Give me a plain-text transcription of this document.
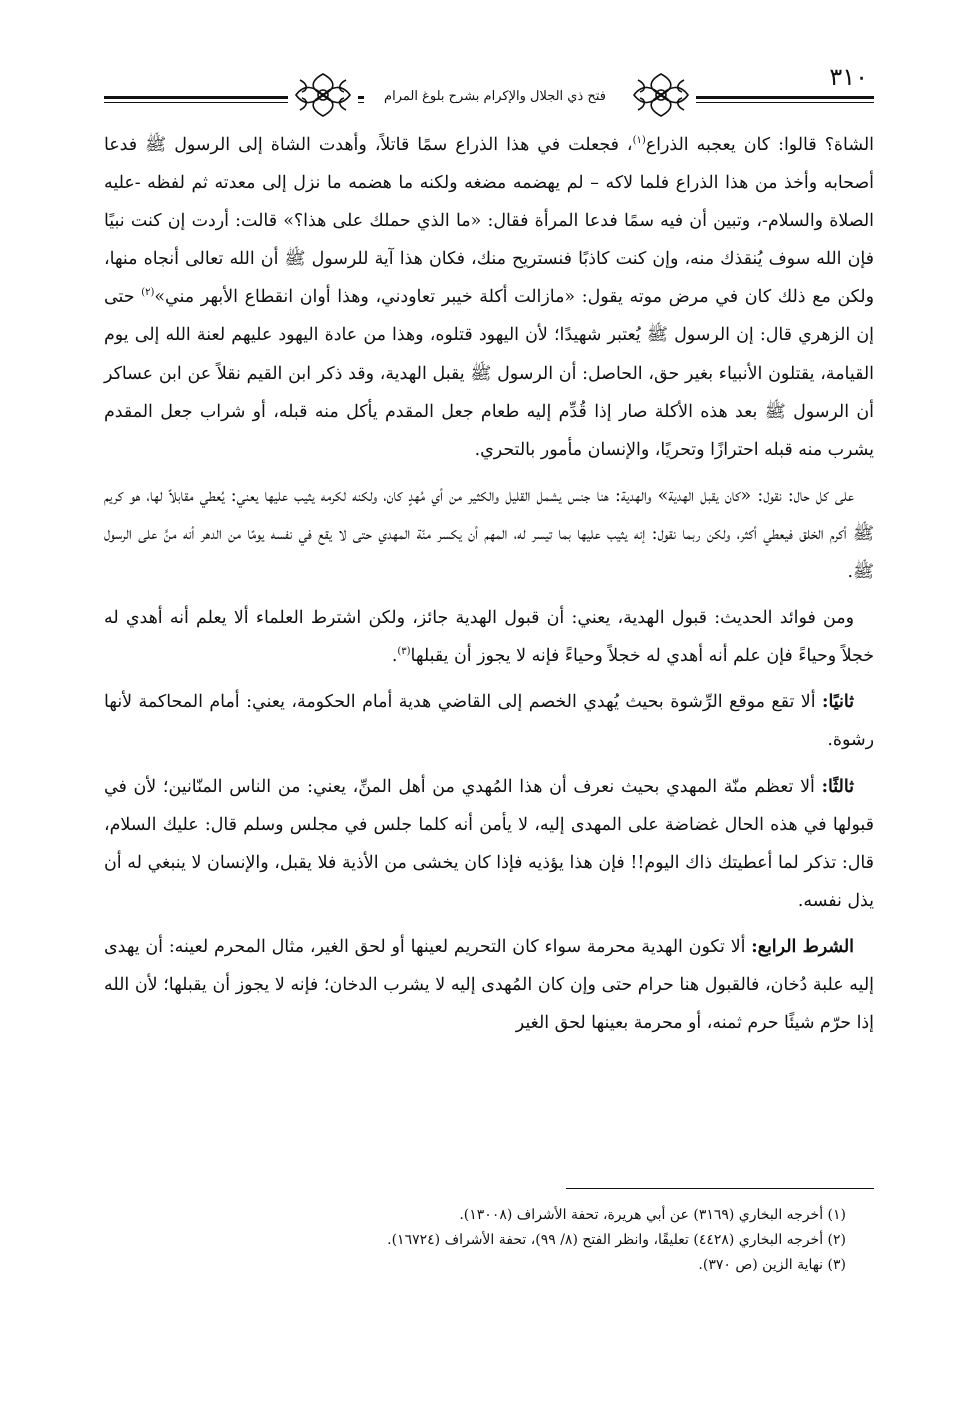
فتح ذي الجلال والإكرام بشرح بلوغ المرام
٣١٠

الشاة؟ قالوا: كان يعجبه الذراع$^{(١)}$، فجعلت في هذا الذراع سمًا قاتلاً، وأهدت الشاة إلى الرسول ﷺ فدعا أصحابه وأخذ من هذا الذراع فلما لاكه – لم يهضمه مضغه ولكنه ما هضمه ما نزل إلى معدته ثم لفظه -عليه الصلاة والسلام-، وتبين أن فيه سمًا فدعا المرأة فقال: «ما الذي حملك على هذا؟» قالت: أردت إن كنت نبيًا فإن الله سوف يُنقذك منه، وإن كنت كاذبًا فنستريح منك، فكان هذا آية للرسول ﷺ أن الله تعالى أنجاه منها، ولكن مع ذلك كان في مرض موته يقول: «مازالت أكلة خيبر تعاودني، وهذا أوان انقطاع الأبهر مني»$^{(٢)}$ حتى إن الزهري قال: إن الرسول ﷺ يُعتبر شهيدًا؛ لأن اليهود قتلوه، وهذا من عادة اليهود عليهم لعنة الله إلى يوم القيامة، يقتلون الأنبياء بغير حق، الحاصل: أن الرسول ﷺ يقبل الهدية، وقد ذكر ابن القيم نقلاً عن ابن عساكر أن الرسول ﷺ بعد هذه الأكلة صار إذا قُدِّم إليه طعام جعل المقدم يأكل منه قبله، أو شراب جعل المقدم يشرب منه قبله احترازًا وتحريًا، والإنسان مأمور بالتحري.

على كل حال: نقول: «كان يقبل الهدية» والهدية: هنا جنس يشمل القليل والكثير من أي مُهدٍ كان، ولكنه لكرمه يثيب عليها يعني: يُعطي مقابلاً لها، هو كريم ﷺ أكرم الخلق فيعطي أكثر، ولكن ربما نقول: إنه يثيب عليها بما تيسر له، المهم أن يكسر منّة المهدي حتى لا يقع في نفسه يومًا من الدهر أنه منَّ على الرسول ﷺ.

ومن فوائد الحديث: قبول الهدية، يعني: أن قبول الهدية جائز، ولكن اشترط العلماء ألا يعلم أنه أهدي له خجلاً وحياءً فإن علم أنه أهدي له خجلاً وحياءً فإنه لا يجوز أن يقبلها$^{(٣)}$.

ثانيًا: ألا تقع موقع الرِّشوة بحيث يُهدي الخصم إلى القاضي هدية أمام الحكومة، يعني: أمام المحاكمة لأنها رشوة.

ثالثًا: ألا تعظم منّة المهدي بحيث نعرف أن هذا المُهدي من أهل المنِّ، يعني: من الناس المنّانين؛ لأن في قبولها في هذه الحال غضاضة على المهدى إليه، لا يأمن أنه كلما جلس في مجلس وسلم قال: عليك السلام، قال: تذكر لما أعطيتك ذاك اليوم!! فإن هذا يؤذيه فإذا كان يخشى من الأذية فلا يقبل، والإنسان لا ينبغي له أن يذل نفسه.

الشرط الرابع: ألا تكون الهدية محرمة سواء كان التحريم لعينها أو لحق الغير، مثال المحرم لعينه: أن يهدى إليه علبة دُخان، فالقبول هنا حرام حتى وإن كان المُهدى إليه لا يشرب الدخان؛ فإنه لا يجوز أن يقبلها؛ لأن الله إذا حرّم شيئًا حرم ثمنه، أو محرمة بعينها لحق الغير

(١) أخرجه البخاري (٣١٦٩) عن أبي هريرة، تحفة الأشراف (١٣٠٠٨).
(٢) أخرجه البخاري (٤٤٢٨) تعليقًا، وانظر الفتح (٨/ ٩٩)، تحفة الأشراف (١٦٧٢٤).
(٣) نهاية الزين (ص ٣٧٠).
